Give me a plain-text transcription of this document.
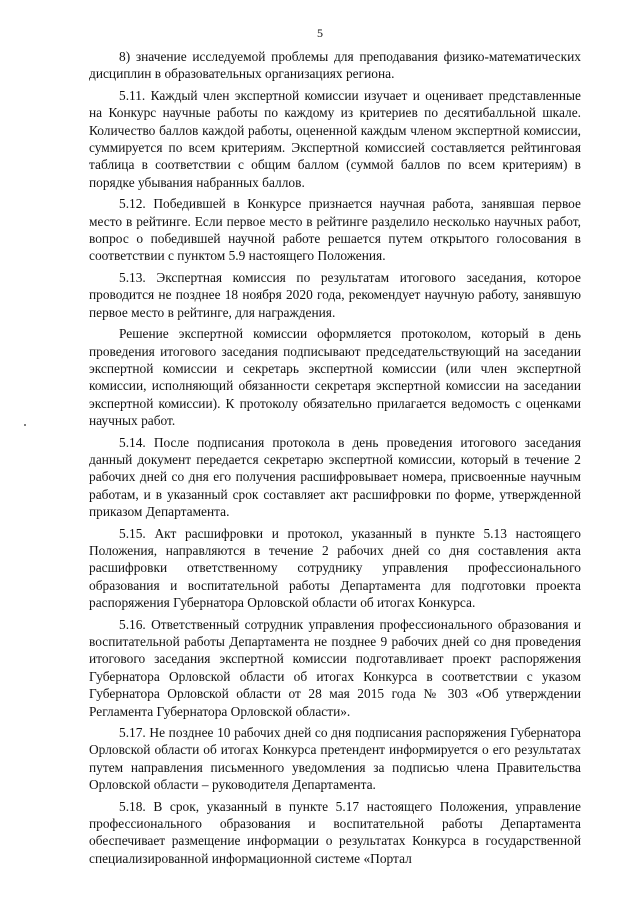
5

8) значение исследуемой проблемы для преподавания физико-математических дисциплин в образовательных организациях региона.

5.11. Каждый член экспертной комиссии изучает и оценивает представленные на Конкурс научные работы по каждому из критериев по десятибалльной шкале. Количество баллов каждой работы, оцененной каждым членом экспертной комиссии, суммируется по всем критериям. Экспертной комиссией составляется рейтинговая таблица в соответствии с общим баллом (суммой баллов по всем критериям) в порядке убывания набранных баллов.

5.12. Победившей в Конкурсе признается научная работа, занявшая первое место в рейтинге. Если первое место в рейтинге разделило несколько научных работ, вопрос о победившей научной работе решается путем открытого голосования в соответствии с пунктом 5.9 настоящего Положения.

5.13. Экспертная комиссия по результатам итогового заседания, которое проводится не позднее 18 ноября 2020 года, рекомендует научную работу, занявшую первое место в рейтинге, для награждения.

Решение экспертной комиссии оформляется протоколом, который в день проведения итогового заседания подписывают председательствующий на заседании экспертной комиссии и секретарь экспертной комиссии (или член экспертной комиссии, исполняющий обязанности секретаря экспертной комиссии на заседании экспертной комиссии). К протоколу обязательно прилагается ведомость с оценками научных работ.

5.14. После подписания протокола в день проведения итогового заседания данный документ передается секретарю экспертной комиссии, который в течение 2 рабочих дней со дня его получения расшифровывает номера, присвоенные научным работам, и в указанный срок составляет акт расшифровки по форме, утвержденной приказом Департамента.

5.15. Акт расшифровки и протокол, указанный в пункте 5.13 настоящего Положения, направляются в течение 2 рабочих дней со дня составления акта расшифровки ответственному сотруднику управления профессионального образования и воспитательной работы Департамента для подготовки проекта распоряжения Губернатора Орловской области об итогах Конкурса.

5.16. Ответственный сотрудник управления профессионального образования и воспитательной работы Департамента не позднее 9 рабочих дней со дня проведения итогового заседания экспертной комиссии подготавливает проект распоряжения Губернатора Орловской области об итогах Конкурса в соответствии с указом Губернатора Орловской области от 28 мая 2015 года № 303 «Об утверждении Регламента Губернатора Орловской области».

5.17. Не позднее 10 рабочих дней со дня подписания распоряжения Губернатора Орловской области об итогах Конкурса претендент информируется о его результатах путем направления письменного уведомления за подписью члена Правительства Орловской области – руководителя Департамента.

5.18. В срок, указанный в пункте 5.17 настоящего Положения, управление профессионального образования и воспитательной работы Департамента обеспечивает размещение информации о результатах Конкурса в государственной специализированной информационной системе «Портал
